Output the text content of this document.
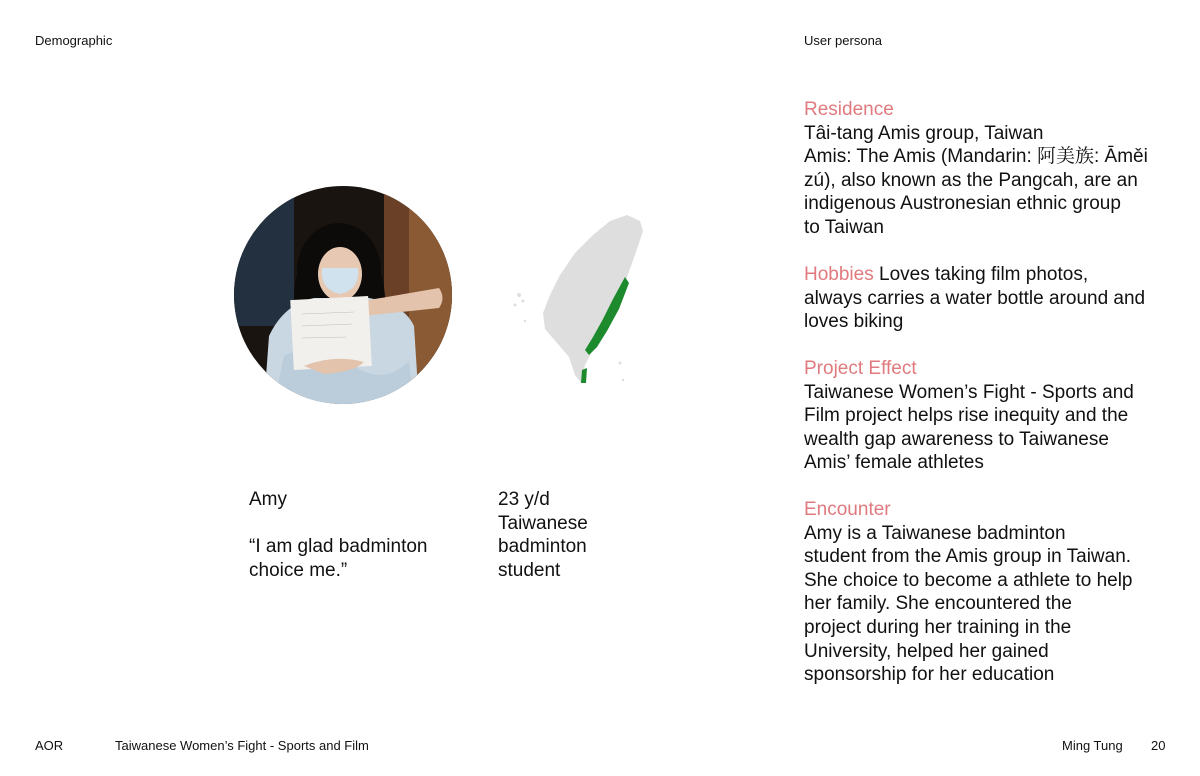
Demographic	User persona

Amy

“I am glad badminton

choice me.”

23 y/d

Taiwanese

badminton

student

Residence

Tâi-tang Amis group, Taiwan

Amis: The Amis (Mandarin: 阿美族: Āměi

zú), also known as the Pangcah, are an

indigenous Austronesian ethnic group

to Taiwan

Hobbies Loves taking film photos,

always carries a water bottle around and

loves biking

Project Effect

Taiwanese Women’s Fight - Sports and

Film project helps rise inequity and the

wealth gap awareness to Taiwanese

Amis’ female athletes

Encounter

Amy is a Taiwanese badminton

student from the Amis group in Taiwan.

She choice to become a athlete to help

her family. She encountered the

project during her training in the

University, helped her gained

sponsorship for her education

AOR	Taiwanese Women’s Fight - Sports and Film	Ming Tung 20
